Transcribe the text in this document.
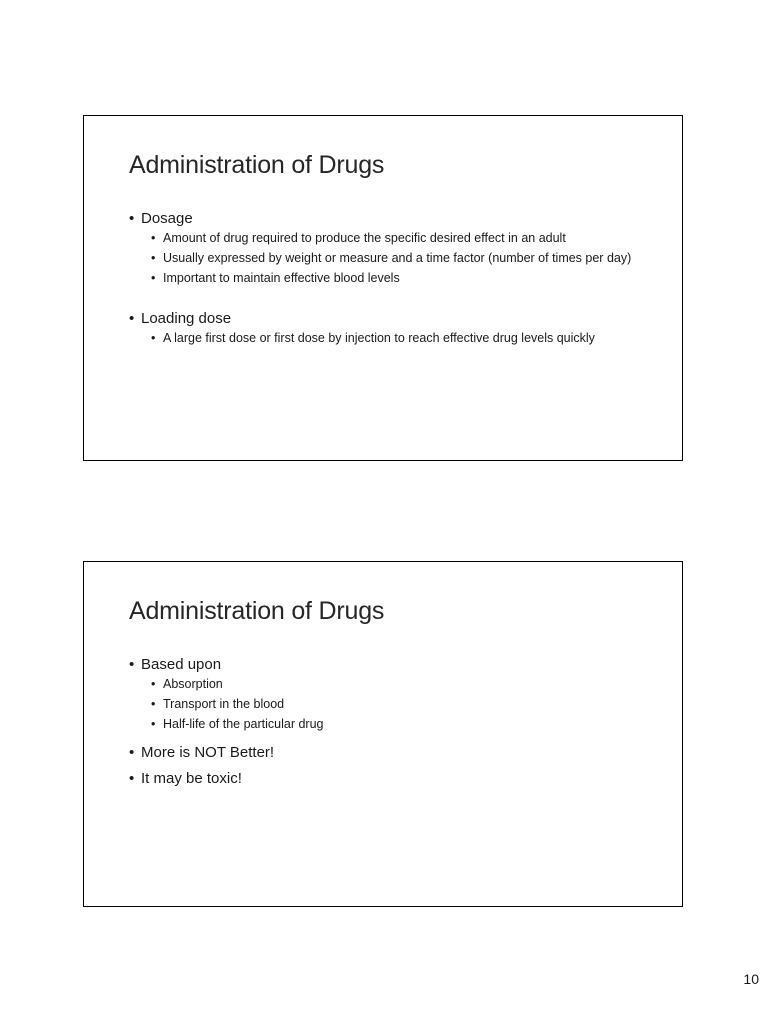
Administration of Drugs
• Dosage
• Amount of drug required to produce the specific desired effect in an adult
• Usually expressed by weight or measure and a time factor (number of times per day)
• Important to maintain effective blood levels
• Loading dose
• A large first dose or first dose by injection to reach effective drug levels quickly
Administration of Drugs
• Based upon
• Absorption
• Transport in the blood
• Half-life of the particular drug
• More is NOT Better!
• It may be toxic!
10
